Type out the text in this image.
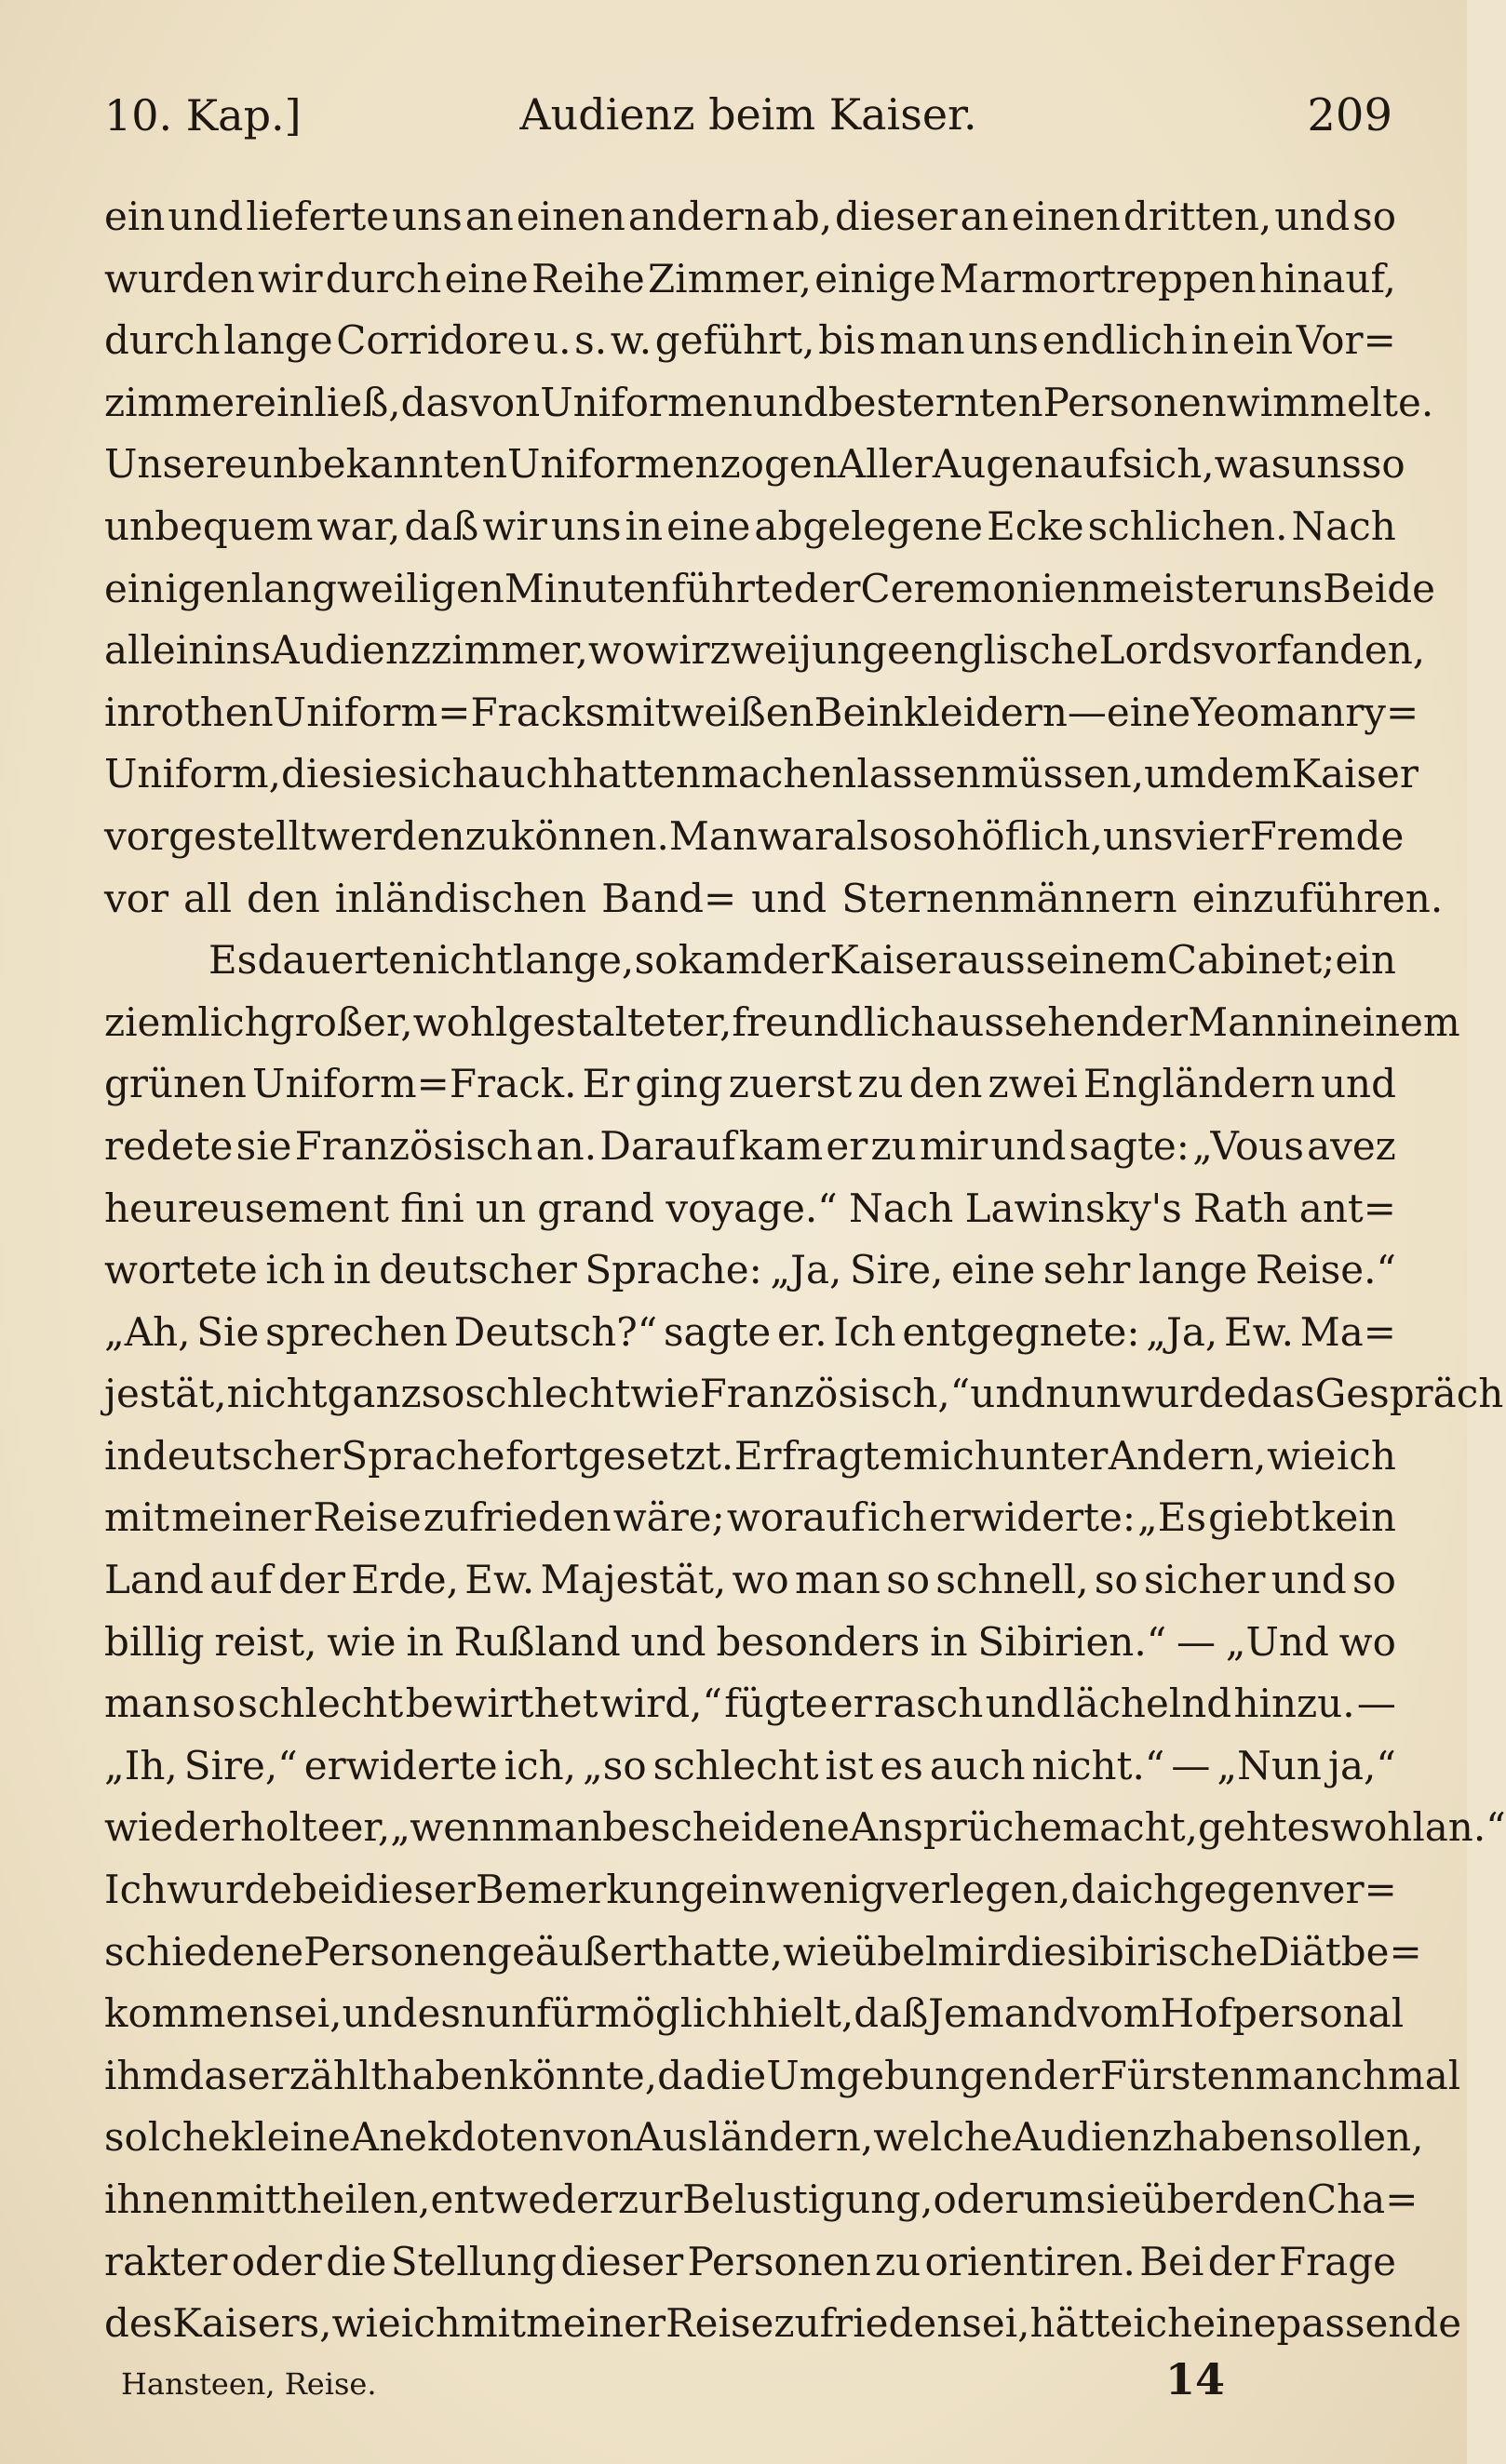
10. Kap.]	Audienz beim Kaiser.	209
ein und lieferte uns an einen andern ab, dieser an einen dritten, und so
wurden wir durch eine Reihe Zimmer, einige Marmortreppen hinauf,
durch lange Corridore u. s. w. geführt, bis man uns endlich in ein Vor=
zimmer einließ, das von Uniformen und besternten Personen wimmelte.
Unsere unbekannten Uniformen zogen Aller Augen auf sich, was uns so
unbequem war, daß wir uns in eine abgelegene Ecke schlichen. Nach
einigen langweiligen Minuten führte der Ceremonienmeister uns Beide
allein ins Audienzzimmer, wo wir zwei junge englische Lords vorfanden,
in rothen Uniform=Fracks mit weißen Beinkleidern — eine Yeomanry=
Uniform, die sie sich auch hatten machen lassen müssen, um dem Kaiser
vorgestellt werden zu können. Man war also so höflich, uns vier Fremde
vor all den inländischen Band= und Sternenmännern einzuführen.
Es dauerte nicht lange, so kam der Kaiser aus seinem Cabinet; ein
ziemlich großer, wohlgestalteter, freundlich aussehender Mann in einem
grünen Uniform=Frack. Er ging zuerst zu den zwei Engländern und
redete sie Französisch an. Darauf kam er zu mir und sagte: „Vous avez
heureusement fini un grand voyage.“ Nach Lawinsky's Rath ant=
wortete ich in deutscher Sprache: „Ja, Sire, eine sehr lange Reise.“
„Ah, Sie sprechen Deutsch?“ sagte er. Ich entgegnete: „Ja, Ew. Ma=
jestät, nicht ganz so schlecht wie Französisch,“ und nun wurde das Gespräch
in deutscher Sprache fortgesetzt. Er fragte mich unter Andern, wie ich
mit meiner Reise zufrieden wäre; worauf ich erwiderte: „Es giebt kein
Land auf der Erde, Ew. Majestät, wo man so schnell, so sicher und so
billig reist, wie in Rußland und besonders in Sibirien.“ — „Und wo
man so schlecht bewirthet wird,“ fügte er rasch und lächelnd hinzu. —
„Ih, Sire,“ erwiderte ich, „so schlecht ist es auch nicht.“ — „Nun ja,“
wiederholte er, „wenn man bescheidene Ansprüche macht, geht es wohl an.“
Ich wurde bei dieser Bemerkung ein wenig verlegen, da ich gegen ver=
schiedene Personen geäußert hatte, wie übel mir die sibirische Diät be=
kommen sei, und es nun für möglich hielt, daß Jemand vom Hofpersonal
ihm das erzählt haben könnte, da die Umgebungen der Fürsten manchmal
solche kleine Anekdoten von Ausländern, welche Audienz haben sollen,
ihnen mittheilen, entweder zur Belustigung, oder um sie über den Cha=
rakter oder die Stellung dieser Personen zu orientiren. Bei der Frage
des Kaisers, wie ich mit meiner Reise zufrieden sei, hätte ich eine passende
Hansteen, Reise.	14
